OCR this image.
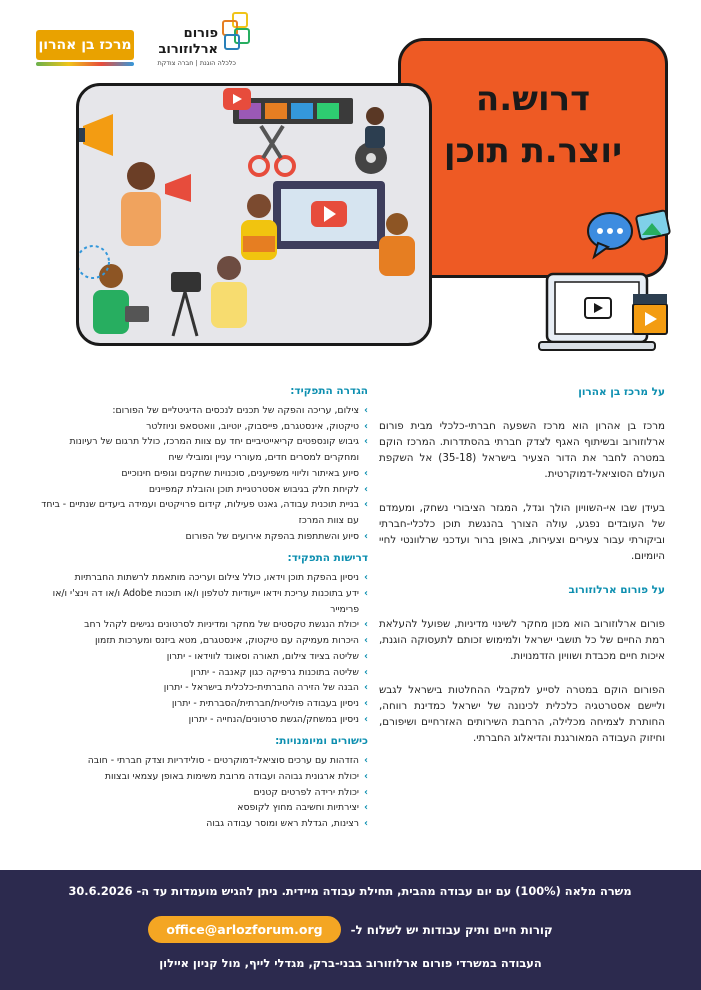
מרכז בן אהרון
פורום
ארלוזורוב
כלכלה הוגנת | חברה צודקת
דרוש.ה
יוצר.ת תוכן
על מרכז בן אהרון

מרכז בן אהרון הוא מרכז השפעה חברתי-כלכלי מבית פורום ארלוזורוב ובשיתוף האגף לצדק חברתי בהסתדרות. המרכז הוקם במטרה לחבר את הדור הצעיר בישראל (35-18) אל השקפת העולם הסוציאל-דמוקרטית.

בעידן שבו אי-השוויון הולך וגדל, המגזר הציבורי נשחק, ומעמדם של העובדים נפגע, עולה הצורך בהנגשת תוכן כלכלי-חברתי וביקורתי עבור צעירים וצעירות, באופן ברור ועדכני שרלוונטי לחיי היומיום.

על פורום ארלוזורוב

פורום ארלוזורוב הוא מכון מחקר לשינוי מדיניות, שפועל להעלאת רמת החיים של כל תושבי ישראל ולמימוש זכותם לתעסוקה הוגנת, איכות חיים מכבדת ושוויון הזדמנויות.

הפורום הוקם במטרה לסייע למקבלי ההחלטות בישראל לגבש וליישם אסטרטגיה כלכלית לכינונה של ישראל כמדינת רווחה, החותרת לצמיחה מכלילה, הרחבת השירותים האזרחיים ושיפורם, וחיזוק העבודה המאורגנת והדיאלוג החברתי.

הגדרה התפקיד:
› צילום, עריכה והפקה של תכנים לנכסים הדיגיטליים של הפורום:
› טיקטוק, אינסטגרם, פייסבוק, יוטיוב, וואטסאפ וניוזלטר
› גיבוש קונספטים קריאייטיביים יחד עם צוות המרכז, כולל תרגום של רעיונות ומחקרים למסרים חדים, מעוררי עניין ומובילי שיח
› סיוע באיתור וליווי משפיענים, סוכנויות שחקנים וגופים חינוכיים
› לקיחת חלק בגיבוש אסטרטגיית תוכן והובלת קמפיינים
› בניית תוכנית עבודה, גאנט פעילות, קידום פרויקטים ועמידה ביעדים שנתיים - ביחד עם צוות המרכז
› סיוע והשתתפות בהפקת אירועים של הפורום
דרישות התפקיד:
› ניסיון בהפקת תוכן וידאו, כולל צילום ועריכה מותאמת לרשתות החברתיות
› ידע בתוכנות עריכת וידאו ייעודיות לטלפון ו/או תוכנות Adobe ו/או דה וינצ'י ו/או פרימייר
› יכולת הנגשת טקסטים של מחקר ומדיניות לסרטונים נגישים לקהל רחב
› היכרות מעמיקה עם טיקטוק, אינסטגרם, מטא ביזנס ומערכות תזמון
› שליטה בציוד צילום, תאורה וסאונד לווידאו - יתרון
› שליטה בתוכנות גרפיקה כגון קאנבה - יתרון
› הבנה של הזירה החברתית-כלכלית בישראל - יתרון
› ניסיון בעבודה פוליטית/חברתית/הסברתית - יתרון
› ניסיון במשחק/הגשת סרטונים/הנחייה - יתרון
כישורים ומיומנויות:
› הזדהות עם ערכים סוציאל-דמוקרטים - סולידריות וצדק חברתי - חובה
› יכולת ארגונית גבוהה ועבודה מרובת משימות באופן עצמאי ובצוות
› יכולת ירידה לפרטים קטנים
› יצירתיות וחשיבה מחוץ לקופסא
› רצינות, הגדלת ראש ומוסר עבודה גבוה
משרה מלאה (100%) עם יום עבודה מהבית, תחילת עבודה מיידית. ניתן להגיש מועמדות עד ה- 30.6.2026
קורות חיים ותיק עבודות יש לשלוח ל-
office@arlozforum.org
העבודה במשרדי פורום ארלוזורוב בבני-ברק, מגדלי לייף, מול קניון איילון
